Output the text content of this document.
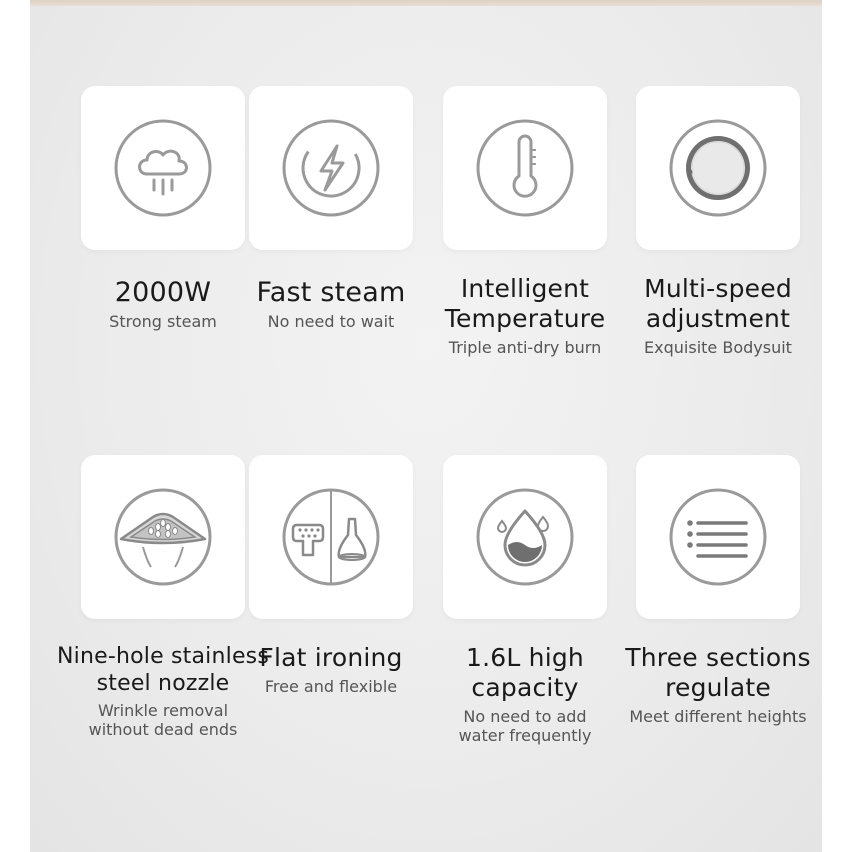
2000W
Strong steam
Fast steam
No need to wait
Intelligent
Temperature
Triple anti-dry burn
Multi-speed
adjustment
Exquisite Bodysuit
Nine-hole stainless
steel nozzle
Wrinkle removal
without dead ends
Flat ironing
Free and flexible
1.6L high
capacity
No need to add
water frequently
Three sections
regulate
Meet different heights
